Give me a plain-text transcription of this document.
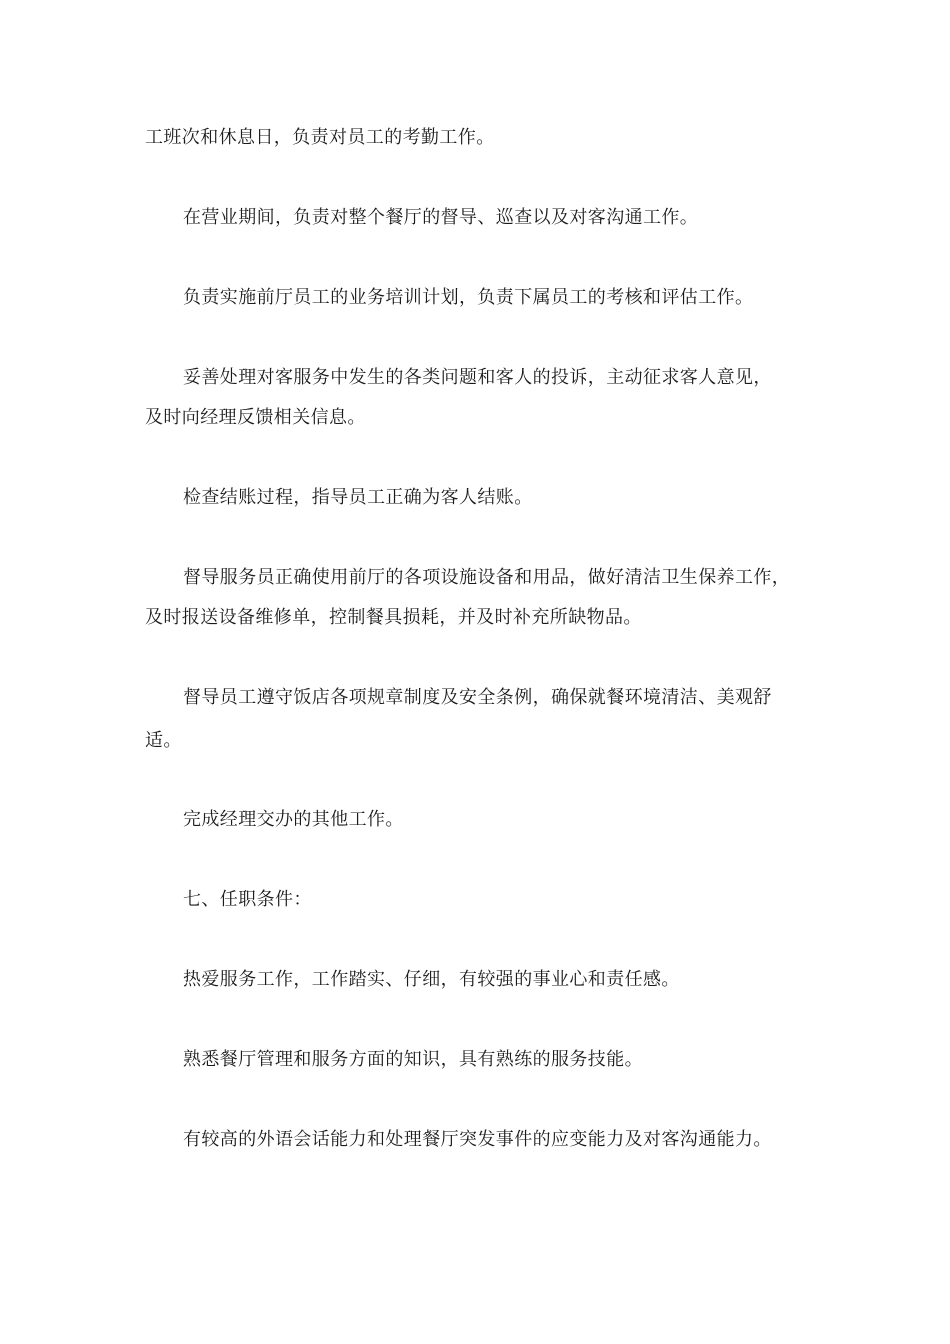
工班次和休息日，负责对员工的考勤工作。
在营业期间，负责对整个餐厅的督导、巡查以及对客沟通工作。
负责实施前厅员工的业务培训计划，负责下属员工的考核和评估工作。
妥善处理对客服务中发生的各类问题和客人的投诉，主动征求客人意见，
及时向经理反馈相关信息。
检查结账过程，指导员工正确为客人结账。
督导服务员正确使用前厅的各项设施设备和用品，做好清洁卫生保养工作，
及时报送设备维修单，控制餐具损耗，并及时补充所缺物品。
督导员工遵守饭店各项规章制度及安全条例，确保就餐环境清洁、美观舒
适。
完成经理交办的其他工作。
七、任职条件：
热爱服务工作，工作踏实、仔细，有较强的事业心和责任感。
熟悉餐厅管理和服务方面的知识，具有熟练的服务技能。
有较高的外语会话能力和处理餐厅突发事件的应变能力及对客沟通能力。
